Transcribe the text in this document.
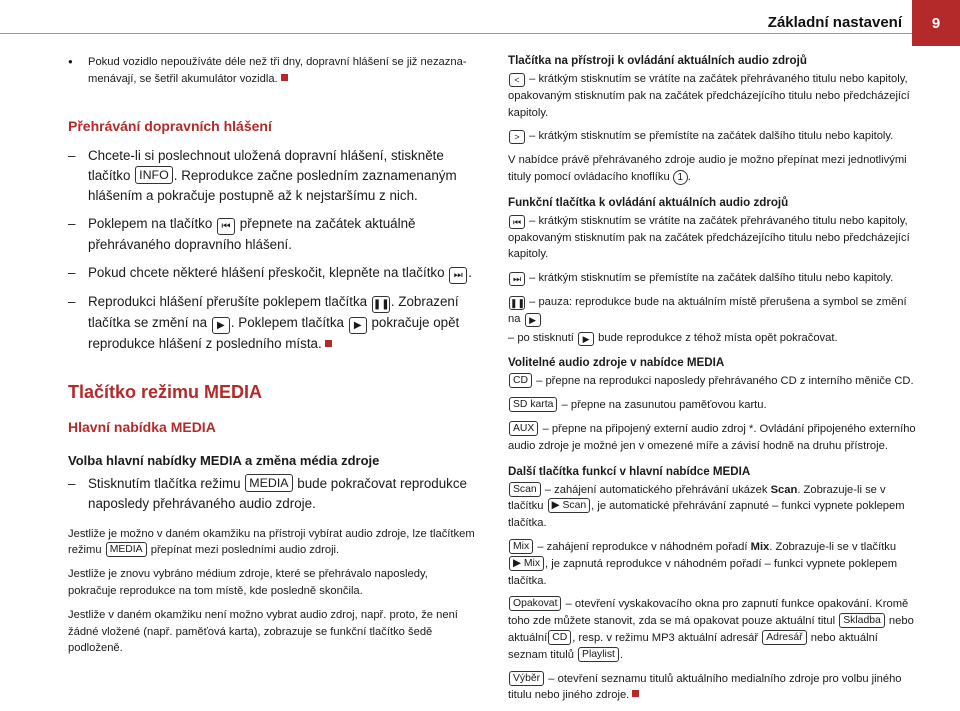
Základní nastavení	9

● Pokud vozidlo nepoužíváte déle než tři dny, dopravní hlášení se již nezazna-menávají, se šetřil akumulátor vozidla.

Přehrávání dopravních hlášení

– Chcete-li si poslechnout uložená dopravní hlášení, stiskněte tlačítko INFO . Reprodukce začne posledním zaznamenaným hlášením a pokračuje postupně až k nejstaršímu z nich.

– Poklepem na tlačítko ⏮ přepnete na začátek aktuálně přehrávaného dopravního hlášení.

– Pokud chcete některé hlášení přeskočit, klepněte na tlačítko ⏭ .

– Reprodukci hlášení přerušíte poklepem tlačítka ❚❚. Zobrazení tlačítka se změní na ▶ . Poklepem tlačítka ▶ pokračuje opět reprodukce hlášení z posledního místa.

Tlačítko režimu MEDIA
Hlavní nabídka MEDIA
Volba hlavní nabídky MEDIA a změna média zdroje

– Stisknutím tlačítka režimu MEDIA bude pokračovat reprodukce naposledy přehrávaného audio zdroje.

Jestliže je možno v daném okamžiku na přístroji vybírat audio zdroje, lze tlačítkem režimu MEDIA přepínat mezi posledními audio zdroji.

Jestliže je znovu vybráno médium zdroje, které se přehrávalo naposledy, pokračuje reprodukce na tom místě, kde posledně skončila.

Jestliže v daném okamžiku není možno vybrat audio zdroj, např. proto, že není žádné vložené (např. paměťová karta), zobrazuje se funkční tlačítko šedě podloženě.

Tlačítka na přístroji k ovládání aktuálních audio zdrojů

< – krátkým stisknutím se vrátíte na začátek přehrávaného titulu nebo kapitoly, opakovaným stisknutím pak na začátek předcházejícího titulu nebo předcházející kapitoly.

> – krátkým stisknutím se přemístíte na začátek dalšího titulu nebo kapitoly.

V nabídce právě přehrávaného zdroje audio je možno přepínat mezi jednotlivými tituly pomocí ovládacího knoflíku 1 .

Funkční tlačítka k ovládání aktuálních audio zdrojů

⏮ – krátkým stisknutím se vrátíte na začátek přehrávaného titulu nebo kapitoly, opakovaným stisknutím pak na začátek předcházejícího titulu nebo předcházející kapitoly.

⏭ – krátkým stisknutím se přemístíte na začátek dalšího titulu nebo kapitoly.

❚❚ – pauza: reprodukce bude na aktuálním místě přerušena a symbol se změní na ▶

– po stisknutí ▶ bude reprodukce z téhož místa opět pokračovat.

Volitelné audio zdroje v nabídce MEDIA

CD – přepne na reprodukci naposledy přehrávaného CD z interního měniče CD.

SD karta – přepne na zasunutou paměťovou kartu.

AUX – přepne na připojený externí audio zdroj *. Ovládání připojeného externího audio zdroje je možné jen v omezené míře a závisí hodně na druhu přístroje.

Další tlačítka funkcí v hlavní nabídce MEDIA

Scan – zahájení automatického přehrávání ukázek Scan. Zobrazuje-li se v tlačítku ▶ Scan , je automatické přehrávání zapnuté – funkci vypnete poklepem tlačítka.

Mix – zahájení reprodukce v náhodném pořadí Mix. Zobrazuje-li se v tlačítku ▶ Mix , je zapnutá reprodukce v náhodném pořadí – funkci vypnete poklepem tlačítka.

Opakovat – otevření vyskakovacího okna pro zapnutí funkce opakování. Kromě toho zde můžete stanovit, zda se má opakovat pouze aktuální titul Skladba nebo aktuální CD , resp. v režimu MP3 aktuální adresář Adresář nebo aktuální seznam titulů Playlist .

Výběr – otevření seznamu titulů aktuálního medialního zdroje pro volbu jiného titulu nebo jiného zdroje.
